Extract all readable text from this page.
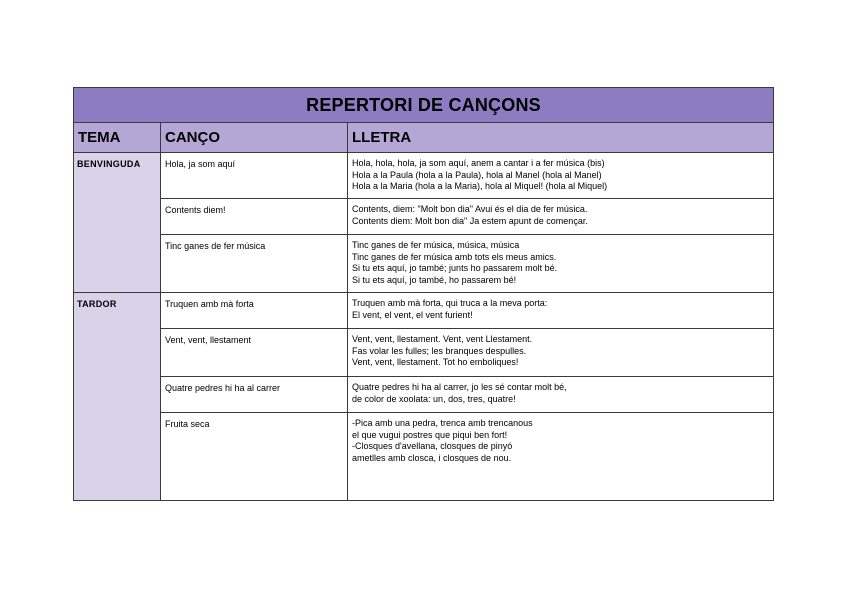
REPERTORI DE CANÇONS		
TEMA	CANÇO	LLETRA
BENVINGUDA	Hola, ja som aquí	Hola, hola, hola, ja som aquí, anem a cantar i a fer música (bis)
Hola a la Paula (hola a la Paula), hola al Manel (hola al Manel)
Hola a la Maria (hola a la Maria), hola al Miquel! (hola al Miquel)

	Contents diem!	Contents, diem: "Molt bon dia" Avui és el dia de fer música.
Contents diem: Molt bon dia" Ja estem apunt de començar.

	Tinc ganes de fer música	Tinc ganes de fer música, música, música
Tinc ganes de fer música amb tots els meus amics.
Si tu ets aquí, jo també; junts ho passarem molt bé.
Si tu ets aquí, jo també, ho passarem bé!

TARDOR	Truquen amb mà forta	Truquen amb mà forta, qui truca a la meva porta:
El vent, el vent, el vent furient!

	Vent, vent, llestament	Vent, vent, llestament. Vent, vent Llestament.
Fas volar les fulles; les branques despulles.
Vent, vent, llestament. Tot ho emboliques!

	Quatre pedres hi ha al carrer	Quatre pedres hi ha al carrer, jo les sé contar molt bé,
de color de xoolata: un, dos, tres, quatre!

	Fruita seca	-Pica amb una pedra, trenca amb trencanous
el que vugui postres que piqui ben fort!
-Closques d'avellana, closques de pinyó
ametlles amb closca, i closques de nou.
